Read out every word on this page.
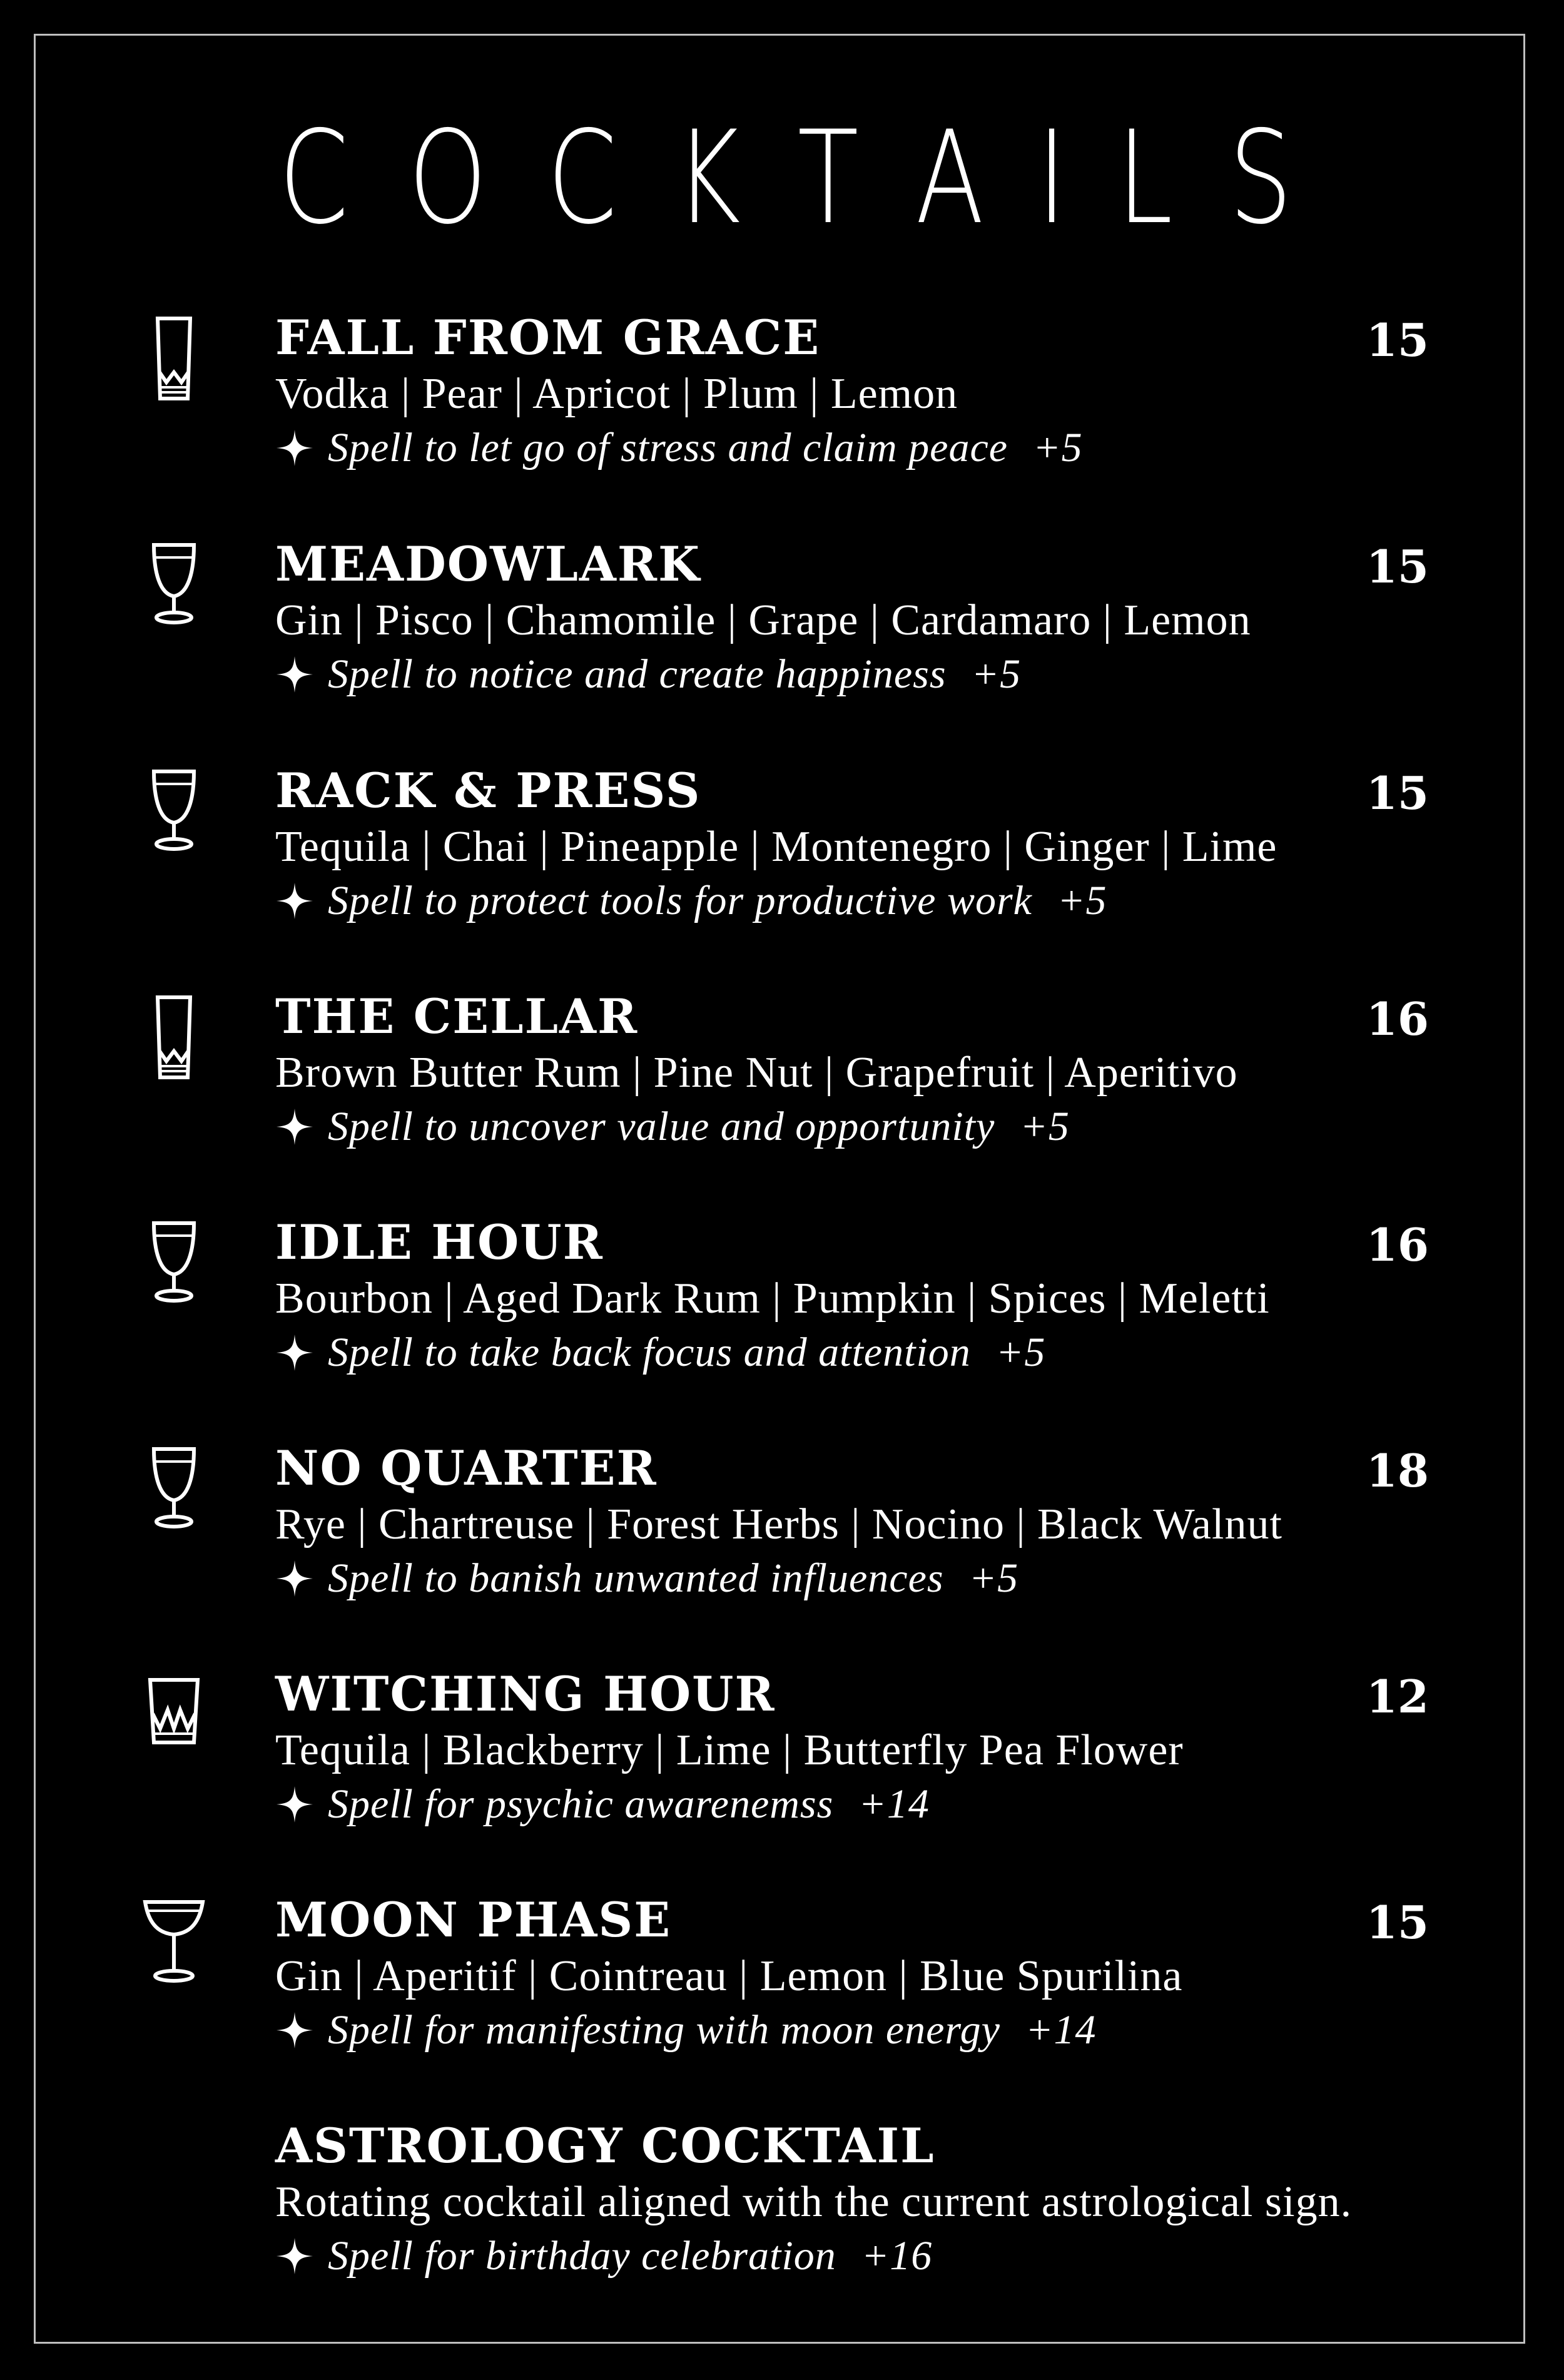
C O C K T A I L S
FALL FROM GRACE	15
Vodka | Pear | Apricot | Plum | Lemon
Spell to let go of stress and claim peace +5
MEADOWLARK	15
Gin | Pisco | Chamomile | Grape | Cardamaro | Lemon
Spell to notice and create happiness +5
RACK & PRESS	15
Tequila | Chai | Pineapple | Montenegro | Ginger | Lime
Spell to protect tools for productive work +5
THE CELLAR	16
Brown Butter Rum | Pine Nut | Grapefruit | Aperitivo
Spell to uncover value and opportunity +5
IDLE HOUR	16
Bourbon | Aged Dark Rum | Pumpkin | Spices | Meletti
Spell to take back focus and attention +5
NO QUARTER	18
Rye | Chartreuse | Forest Herbs | Nocino | Black Walnut
Spell to banish unwanted influences +5
WITCHING HOUR	12
Tequila | Blackberry | Lime | Butterfly Pea Flower
Spell for psychic awarenemss +14
MOON PHASE	15
Gin | Aperitif | Cointreau | Lemon | Blue Spurilina
Spell for manifesting with moon energy +14
ASTROLOGY COCKTAIL
Rotating cocktail aligned with the current astrological sign.
Spell for birthday celebration +16
